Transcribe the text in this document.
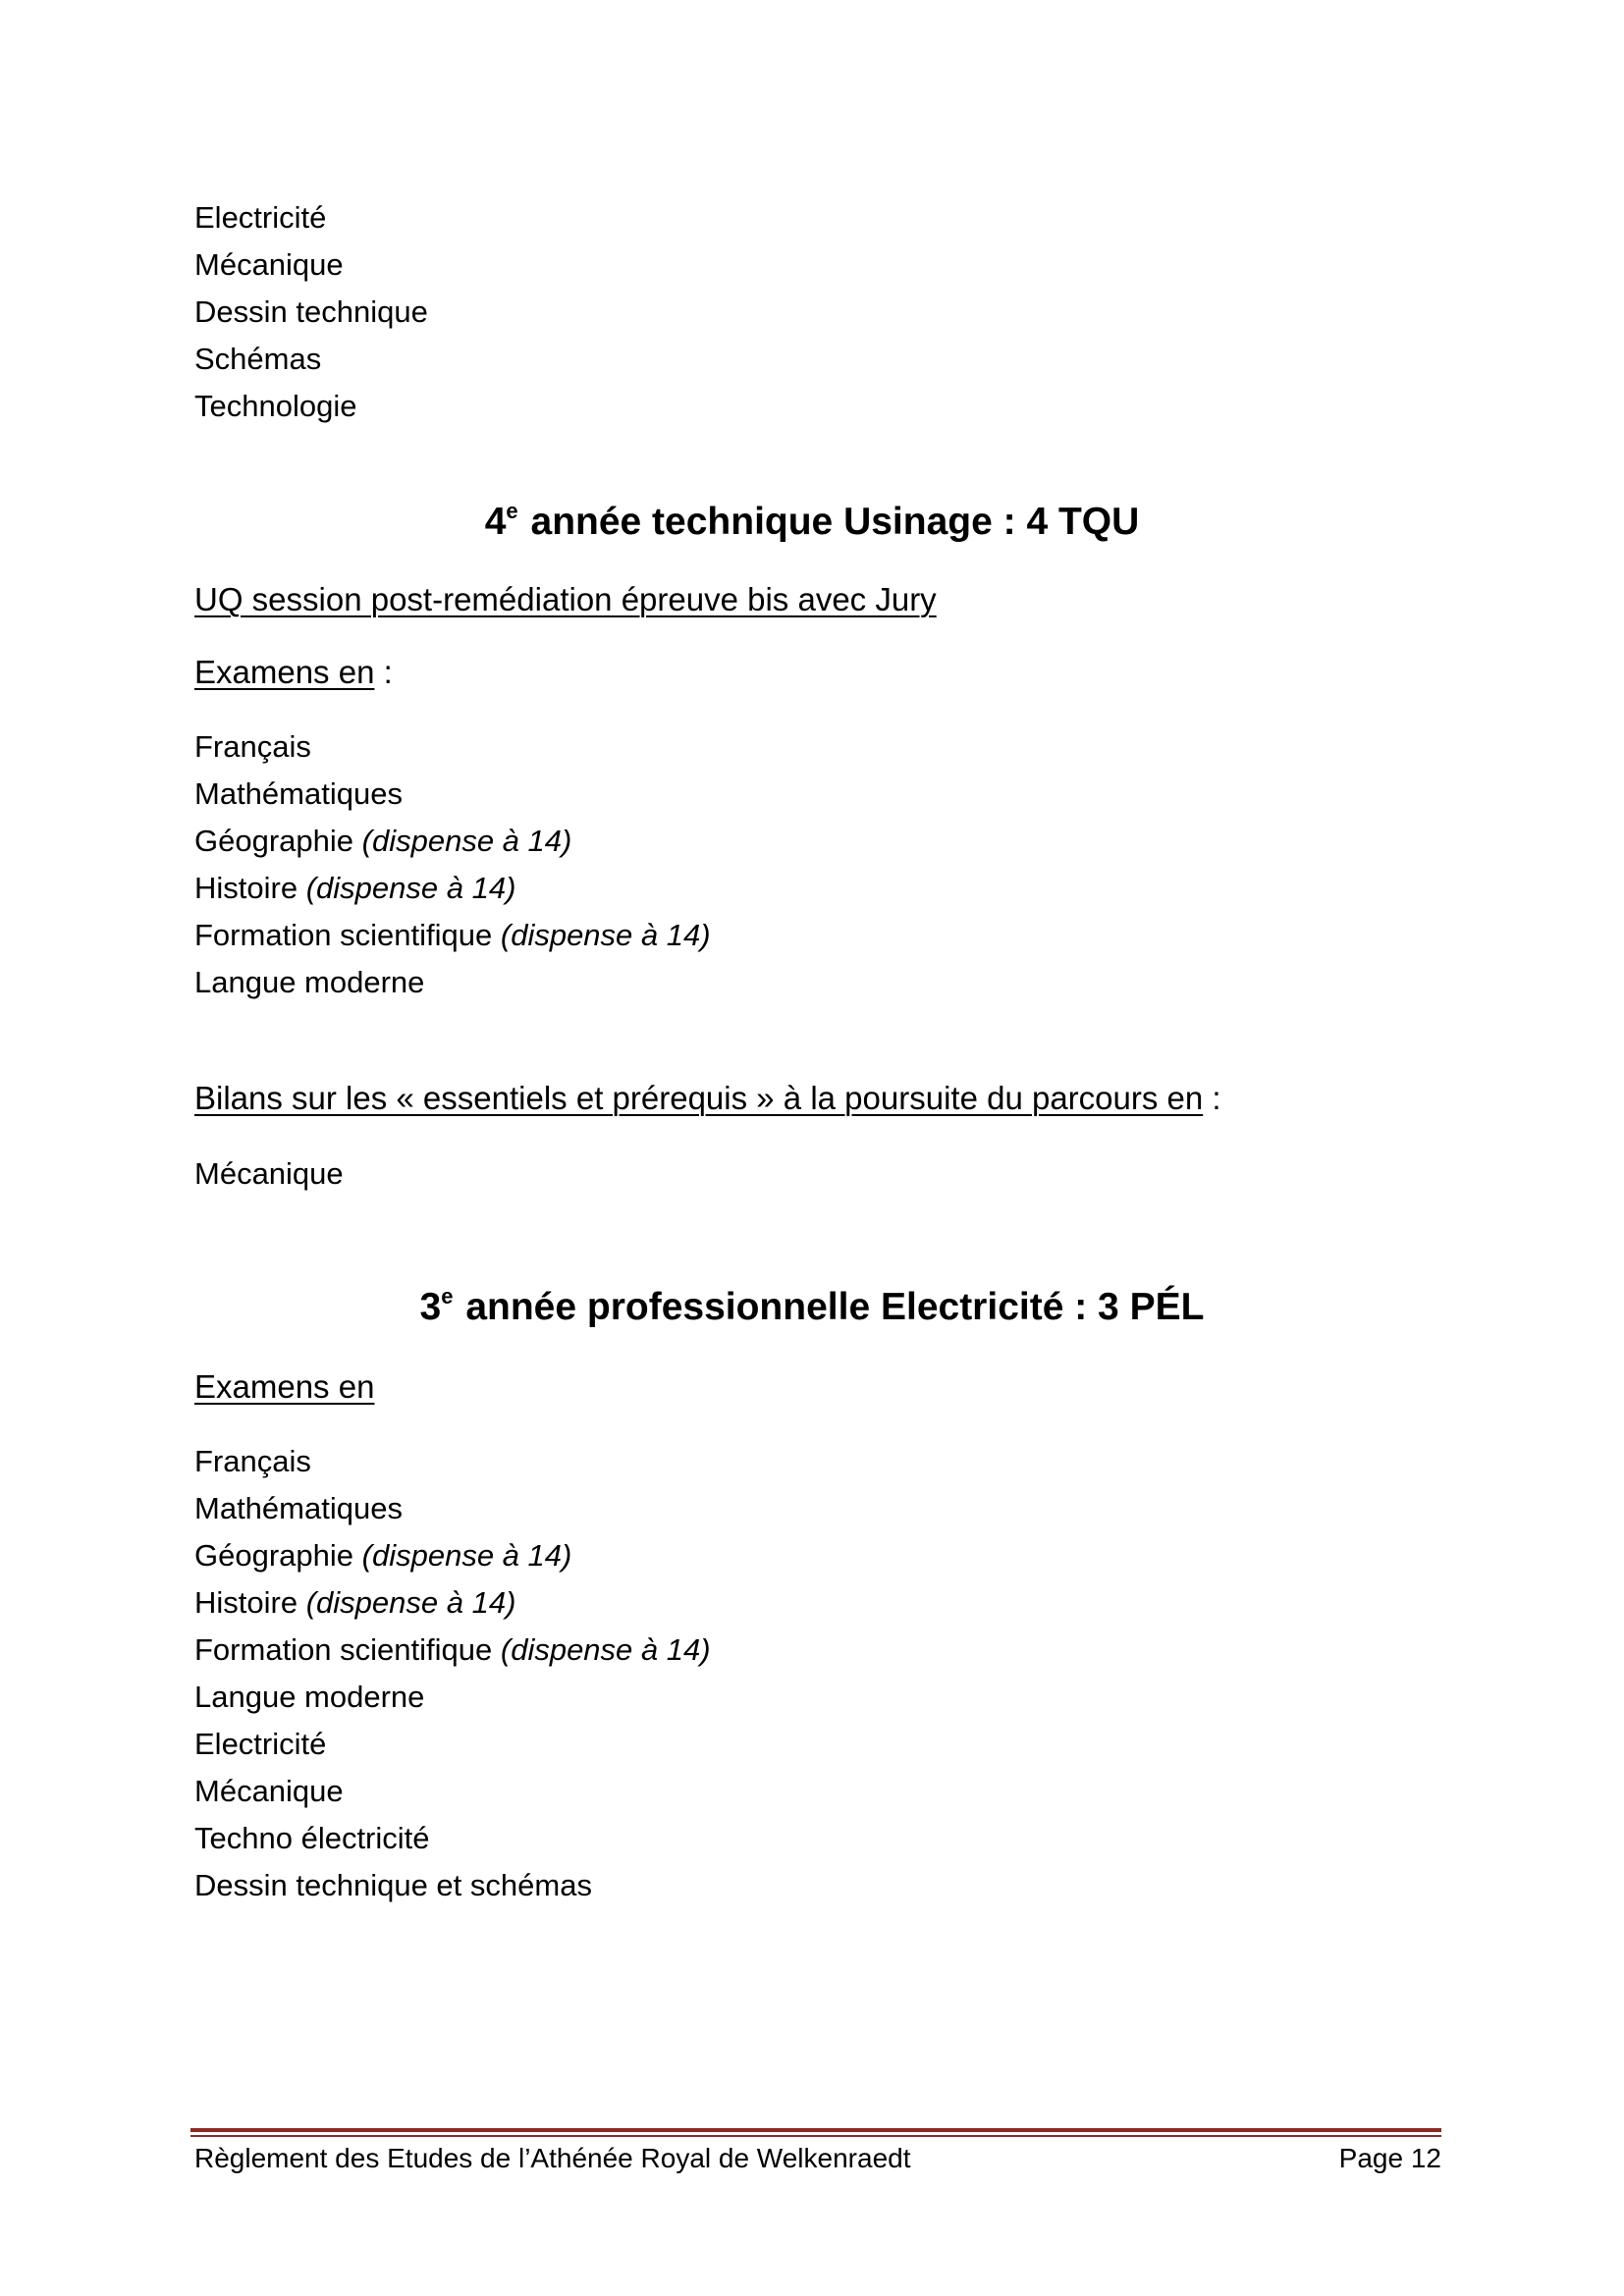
Electricité
Mécanique
Dessin technique
Schémas
Technologie
4e année technique Usinage : 4 TQU
UQ session post-remédiation épreuve bis avec Jury
Examens en :
Français
Mathématiques
Géographie (dispense à 14)
Histoire (dispense à 14)
Formation scientifique (dispense à 14)
Langue moderne
Bilans sur les « essentiels et prérequis » à la poursuite du parcours en :
Mécanique
3e année professionnelle Electricité : 3 PÉL
Examens en
Français
Mathématiques
Géographie (dispense à 14)
Histoire (dispense à 14)
Formation scientifique (dispense à 14)
Langue moderne
Electricité
Mécanique
Techno électricité
Dessin technique et schémas
Règlement des Etudes de l’Athénée Royal de Welkenraedt	Page 12
